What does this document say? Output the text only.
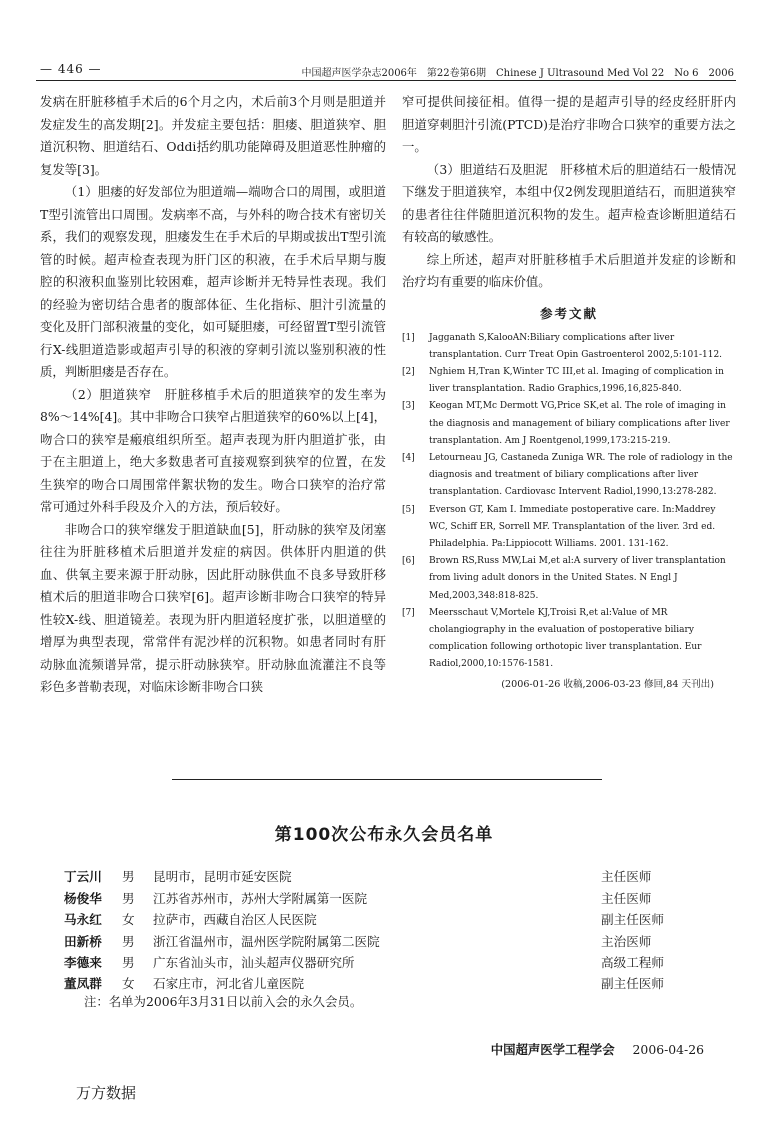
— 446 —	中国超声医学杂志2006年　第22卷第6期　Chinese J Ultrasound Med Vol 22　No 6　2006

发病在肝脏移植手术后的6个月之内，术后前3个月则是胆道并发症发生的高发期[2]。并发症主要包括：胆瘘、胆道狭窄、胆道沉积物、胆道结石、Oddi括约肌功能障碍及胆道恶性肿瘤的复发等[3]。

（1）胆瘘的好发部位为胆道端—端吻合口的周围，或胆道T型引流管出口周围。发病率不高，与外科的吻合技术有密切关系，我们的观察发现，胆瘘发生在手术后的早期或拔出T型引流管的时候。超声检查表现为肝门区的积液，在手术后早期与腹腔的积液积血鉴别比较困难，超声诊断并无特异性表现。我们的经验为密切结合患者的腹部体征、生化指标、胆汁引流量的变化及肝门部积液量的变化，如可疑胆瘘，可经留置T型引流管行X-线胆道造影或超声引导的积液的穿刺引流以鉴别积液的性质，判断胆瘘是否存在。

（2）胆道狭窄　肝脏移植手术后的胆道狭窄的发生率为8%～14%[4]。其中非吻合口狭窄占胆道狭窄的60%以上[4]，吻合口的狭窄是瘢痕组织所至。超声表现为肝内胆道扩张，由于在主胆道上，绝大多数患者可直接观察到狭窄的位置，在发生狭窄的吻合口周围常伴絮状物的发生。吻合口狭窄的治疗常常可通过外科手段及介入的方法，预后较好。

非吻合口的狭窄继发于胆道缺血[5]，肝动脉的狭窄及闭塞往往为肝脏移植术后胆道并发症的病因。供体肝内胆道的供血、供氧主要来源于肝动脉，因此肝动脉供血不良多导致肝移植术后的胆道非吻合口狭窄[6]。超声诊断非吻合口狭窄的特异性较X-线、胆道镜差。表现为肝内胆道轻度扩张，以胆道壁的增厚为典型表现，常常伴有泥沙样的沉积物。如患者同时有肝动脉血流频谱异常，提示肝动脉狭窄。肝动脉血流灌注不良等彩色多普勒表现，对临床诊断非吻合口狭

窄可提供间接征相。值得一提的是超声引导的经皮经肝肝内胆道穿刺胆汁引流(PTCD)是治疗非吻合口狭窄的重要方法之一。

（3）胆道结石及胆泥　肝移植术后的胆道结石一般情况下继发于胆道狭窄，本组中仅2例发现胆道结石，而胆道狭窄的患者往往伴随胆道沉积物的发生。超声检查诊断胆道结石有较高的敏感性。

综上所述，超声对肝脏移植手术后胆道并发症的诊断和治疗均有重要的临床价值。

参考文献
[1]	Jagganath S,KalooAN:Biliary complications after liver transplantation. Curr Treat Opin Gastroenterol 2002,5:101-112.
[2]	Nghiem H,Tran K,Winter TC III,et al. Imaging of complication in liver transplantation. Radio Graphics,1996,16,825-840.
[3]	Keogan MT,Mc Dermott VG,Price SK,et al. The role of imaging in the diagnosis and management of biliary complications after liver transplantation. Am J Roentgenol,1999,173:215-219.
[4]	Letourneau JG, Castaneda Zuniga WR. The role of radiology in the diagnosis and treatment of biliary complications after liver transplantation. Cardiovasc Intervent Radiol,1990,13:278-282.
[5]	Everson GT, Kam I. Immediate postoperative care. In:Maddrey WC, Schiff ER, Sorrell MF. Transplantation of the liver. 3rd ed. Philadelphia. Pa:Lippiocott Williams. 2001. 131-162.
[6]	Brown RS,Russ MW,Lai M,et al:A survery of liver transplantation from living adult donors in the United States. N Engl J Med,2003,348:818-825.
[7]	Meersschaut V,Mortele KJ,Troisi R,et al:Value of MR cholangiography in the evaluation of postoperative biliary complication following orthotopic liver transplantation. Eur Radiol,2000,10:1576-1581.
(2006-01-26 收稿,2006-03-23 修回,84 天刊出)
第100次公布永久会员名单
丁云川 男 昆明市，昆明市延安医院	主任医师
杨俊华 男 江苏省苏州市，苏州大学附属第一医院	主任医师
马永红 女 拉萨市，西藏自治区人民医院	副主任医师
田新桥 男 浙江省温州市，温州医学院附属第二医院	主治医师
李德来 男 广东省汕头市，汕头超声仪器研究所	高级工程师
董凤群 女 石家庄市，河北省儿童医院	副主任医师
注：名单为2006年3月31日以前入会的永久会员。
中国超声医学工程学会 2006-04-26
万方数据
